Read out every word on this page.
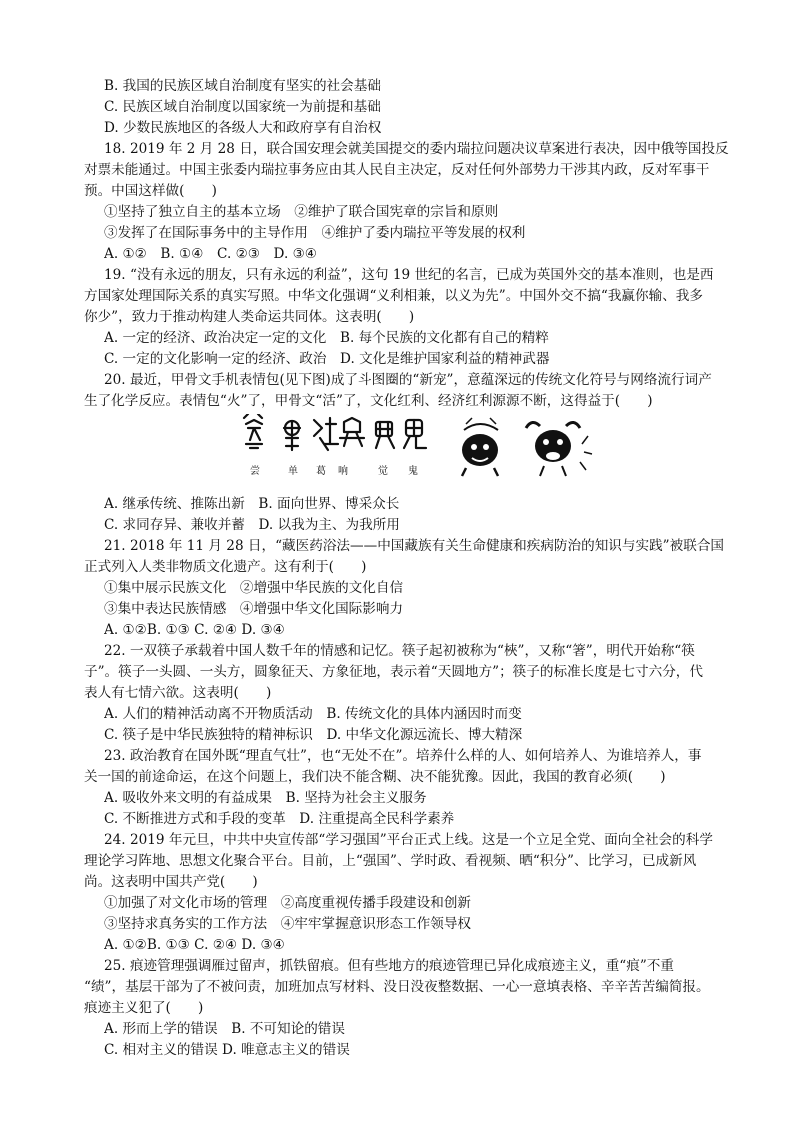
B. 我国的民族区域自治制度有坚实的社会基础
C. 民族区域自治制度以国家统一为前提和基础
D. 少数民族地区的各级人大和政府享有自治权
18. 2019 年 2 月 28 日，联合国安理会就美国提交的委内瑞拉问题决议草案进行表决，因中俄等国投反
对票未能通过。中国主张委内瑞拉事务应由其人民自主决定，反对任何外部势力干涉其内政，反对军事干
预。中国这样做(　　)
①坚持了独立自主的基本立场　②维护了联合国宪章的宗旨和原则
③发挥了在国际事务中的主导作用　④维护了委内瑞拉平等发展的权利
A. ①②　B. ①④　C. ②③　D. ③④
19. “没有永远的朋友，只有永远的利益”，这句 19 世纪的名言，已成为英国外交的基本准则，也是西
方国家处理国际关系的真实写照。中华文化强调“义利相兼，以义为先”。中国外交不搞“我赢你输、我多
你少”，致力于推动构建人类命运共同体。这表明(　　)
A. 一定的经济、政治决定一定的文化　B. 每个民族的文化都有自己的精粹
C. 一定的文化影响一定的经济、政治　D. 文化是维护国家利益的精神武器
20. 最近，甲骨文手机表情包(见下图)成了斗图圈的“新宠”，意蕴深远的传统文化符号与网络流行词产
生了化学反应。表情包“火”了，甲骨文“活”了，文化红利、经济红利源源不断，这得益于(　　)
尝	单 葛 响	觉 鬼
A. 继承传统、推陈出新　B. 面向世界、博采众长
C. 求同存异、兼收并蓄　D. 以我为主、为我所用
21. 2018 年 11 月 28 日，“藏医药浴法——中国藏族有关生命健康和疾病防治的知识与实践”被联合国
正式列入人类非物质文化遗产。这有利于(　　)
①集中展示民族文化　②增强中华民族的文化自信
③集中表达民族情感　④增强中华文化国际影响力
A. ①②B. ①③ C. ②④ D. ③④
22. 一双筷子承载着中国人数千年的情感和记忆。筷子起初被称为“梜”，又称“箸”，明代开始称“筷
子”。筷子一头圆、一头方，圆象征天、方象征地，表示着“天圆地方”；筷子的标准长度是七寸六分，代
表人有七情六欲。这表明(　　)
A. 人们的精神活动离不开物质活动　B. 传统文化的具体内涵因时而变
C. 筷子是中华民族独特的精神标识　D. 中华文化源远流长、博大精深
23. 政治教育在国外既“理直气壮”，也“无处不在”。培养什么样的人、如何培养人、为谁培养人，事
关一国的前途命运，在这个问题上，我们决不能含糊、决不能犹豫。因此，我国的教育必须(　　)
A. 吸收外来文明的有益成果　B. 坚持为社会主义服务
C. 不断推进方式和手段的变革　D. 注重提高全民科学素养
24. 2019 年元旦，中共中央宣传部“学习强国”平台正式上线。这是一个立足全党、面向全社会的科学
理论学习阵地、思想文化聚合平台。目前，上“强国”、学时政、看视频、晒“积分”、比学习，已成新风
尚。这表明中国共产党(　　)
①加强了对文化市场的管理　②高度重视传播手段建设和创新
③坚持求真务实的工作方法　④牢牢掌握意识形态工作领导权
A. ①②B. ①③ C. ②④ D. ③④
25. 痕迹管理强调雁过留声，抓铁留痕。但有些地方的痕迹管理已异化成痕迹主义，重“痕”不重
“绩”，基层干部为了不被问责，加班加点写材料、没日没夜整数据、一心一意填表格、辛辛苦苦编简报。
痕迹主义犯了(　　)
A. 形而上学的错误　B. 不可知论的错误
C. 相对主义的错误 D. 唯意志主义的错误
